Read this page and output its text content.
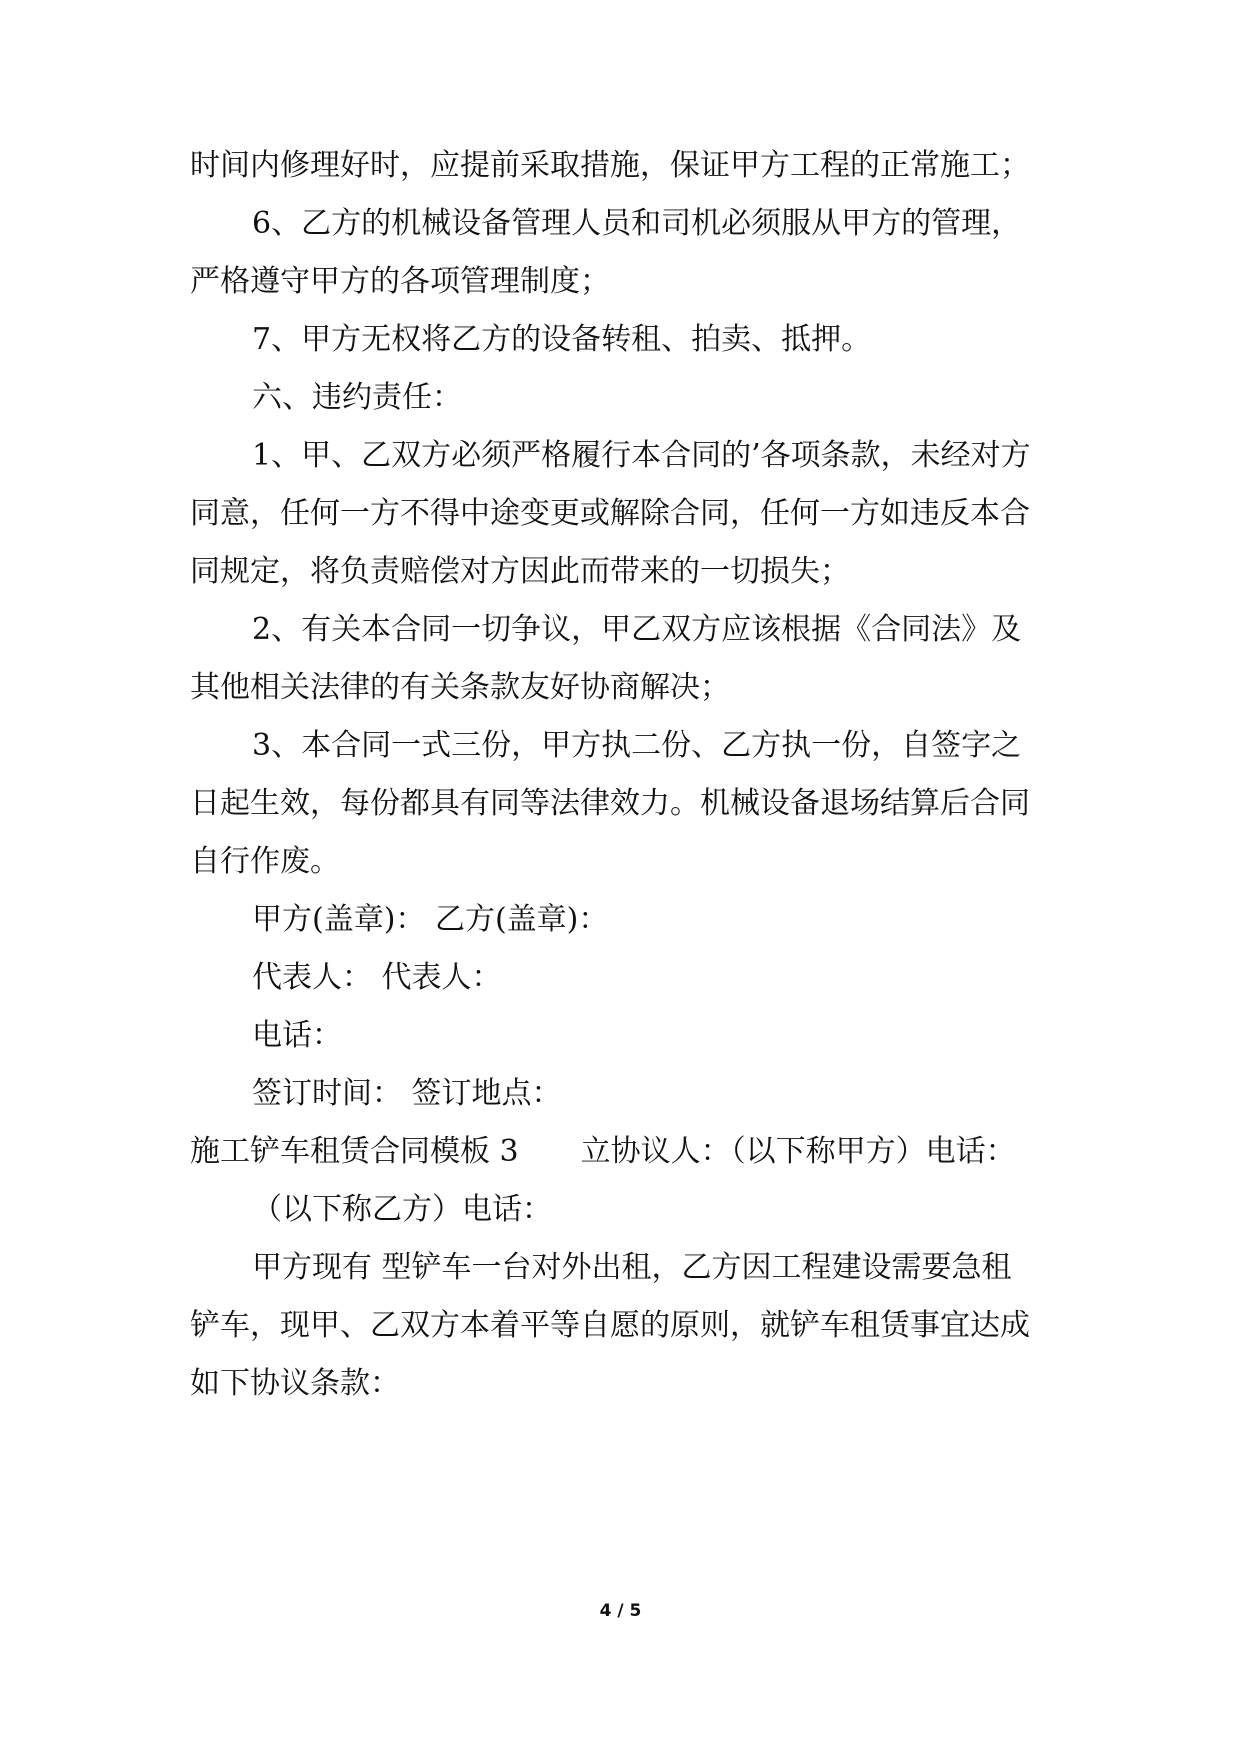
时间内修理好时，应提前采取措施，保证甲方工程的正常施工；
6、乙方的机械设备管理人员和司机必须服从甲方的管理，
严格遵守甲方的各项管理制度；
7、甲方无权将乙方的设备转租、拍卖、抵押。
六、违约责任：
1、甲、乙双方必须严格履行本合同的’各项条款，未经对方
同意，任何一方不得中途变更或解除合同，任何一方如违反本合
同规定，将负责赔偿对方因此而带来的一切损失；
2、有关本合同一切争议，甲乙双方应该根据《合同法》及
其他相关法律的有关条款友好协商解决；
3、本合同一式三份，甲方执二份、乙方执一份，自签字之
日起生效，每份都具有同等法律效力。机械设备退场结算后合同
自行作废。
甲方(盖章)： 乙方(盖章)：
代表人： 代表人：
电话：
签订时间： 签订地点：
施工铲车租赁合同模板 3 立协议人：（以下称甲方）电话：
（以下称乙方）电话：
甲方现有 型铲车一台对外出租，乙方因工程建设需要急租
铲车，现甲、乙双方本着平等自愿的原则，就铲车租赁事宜达成
如下协议条款：
4 / 5
